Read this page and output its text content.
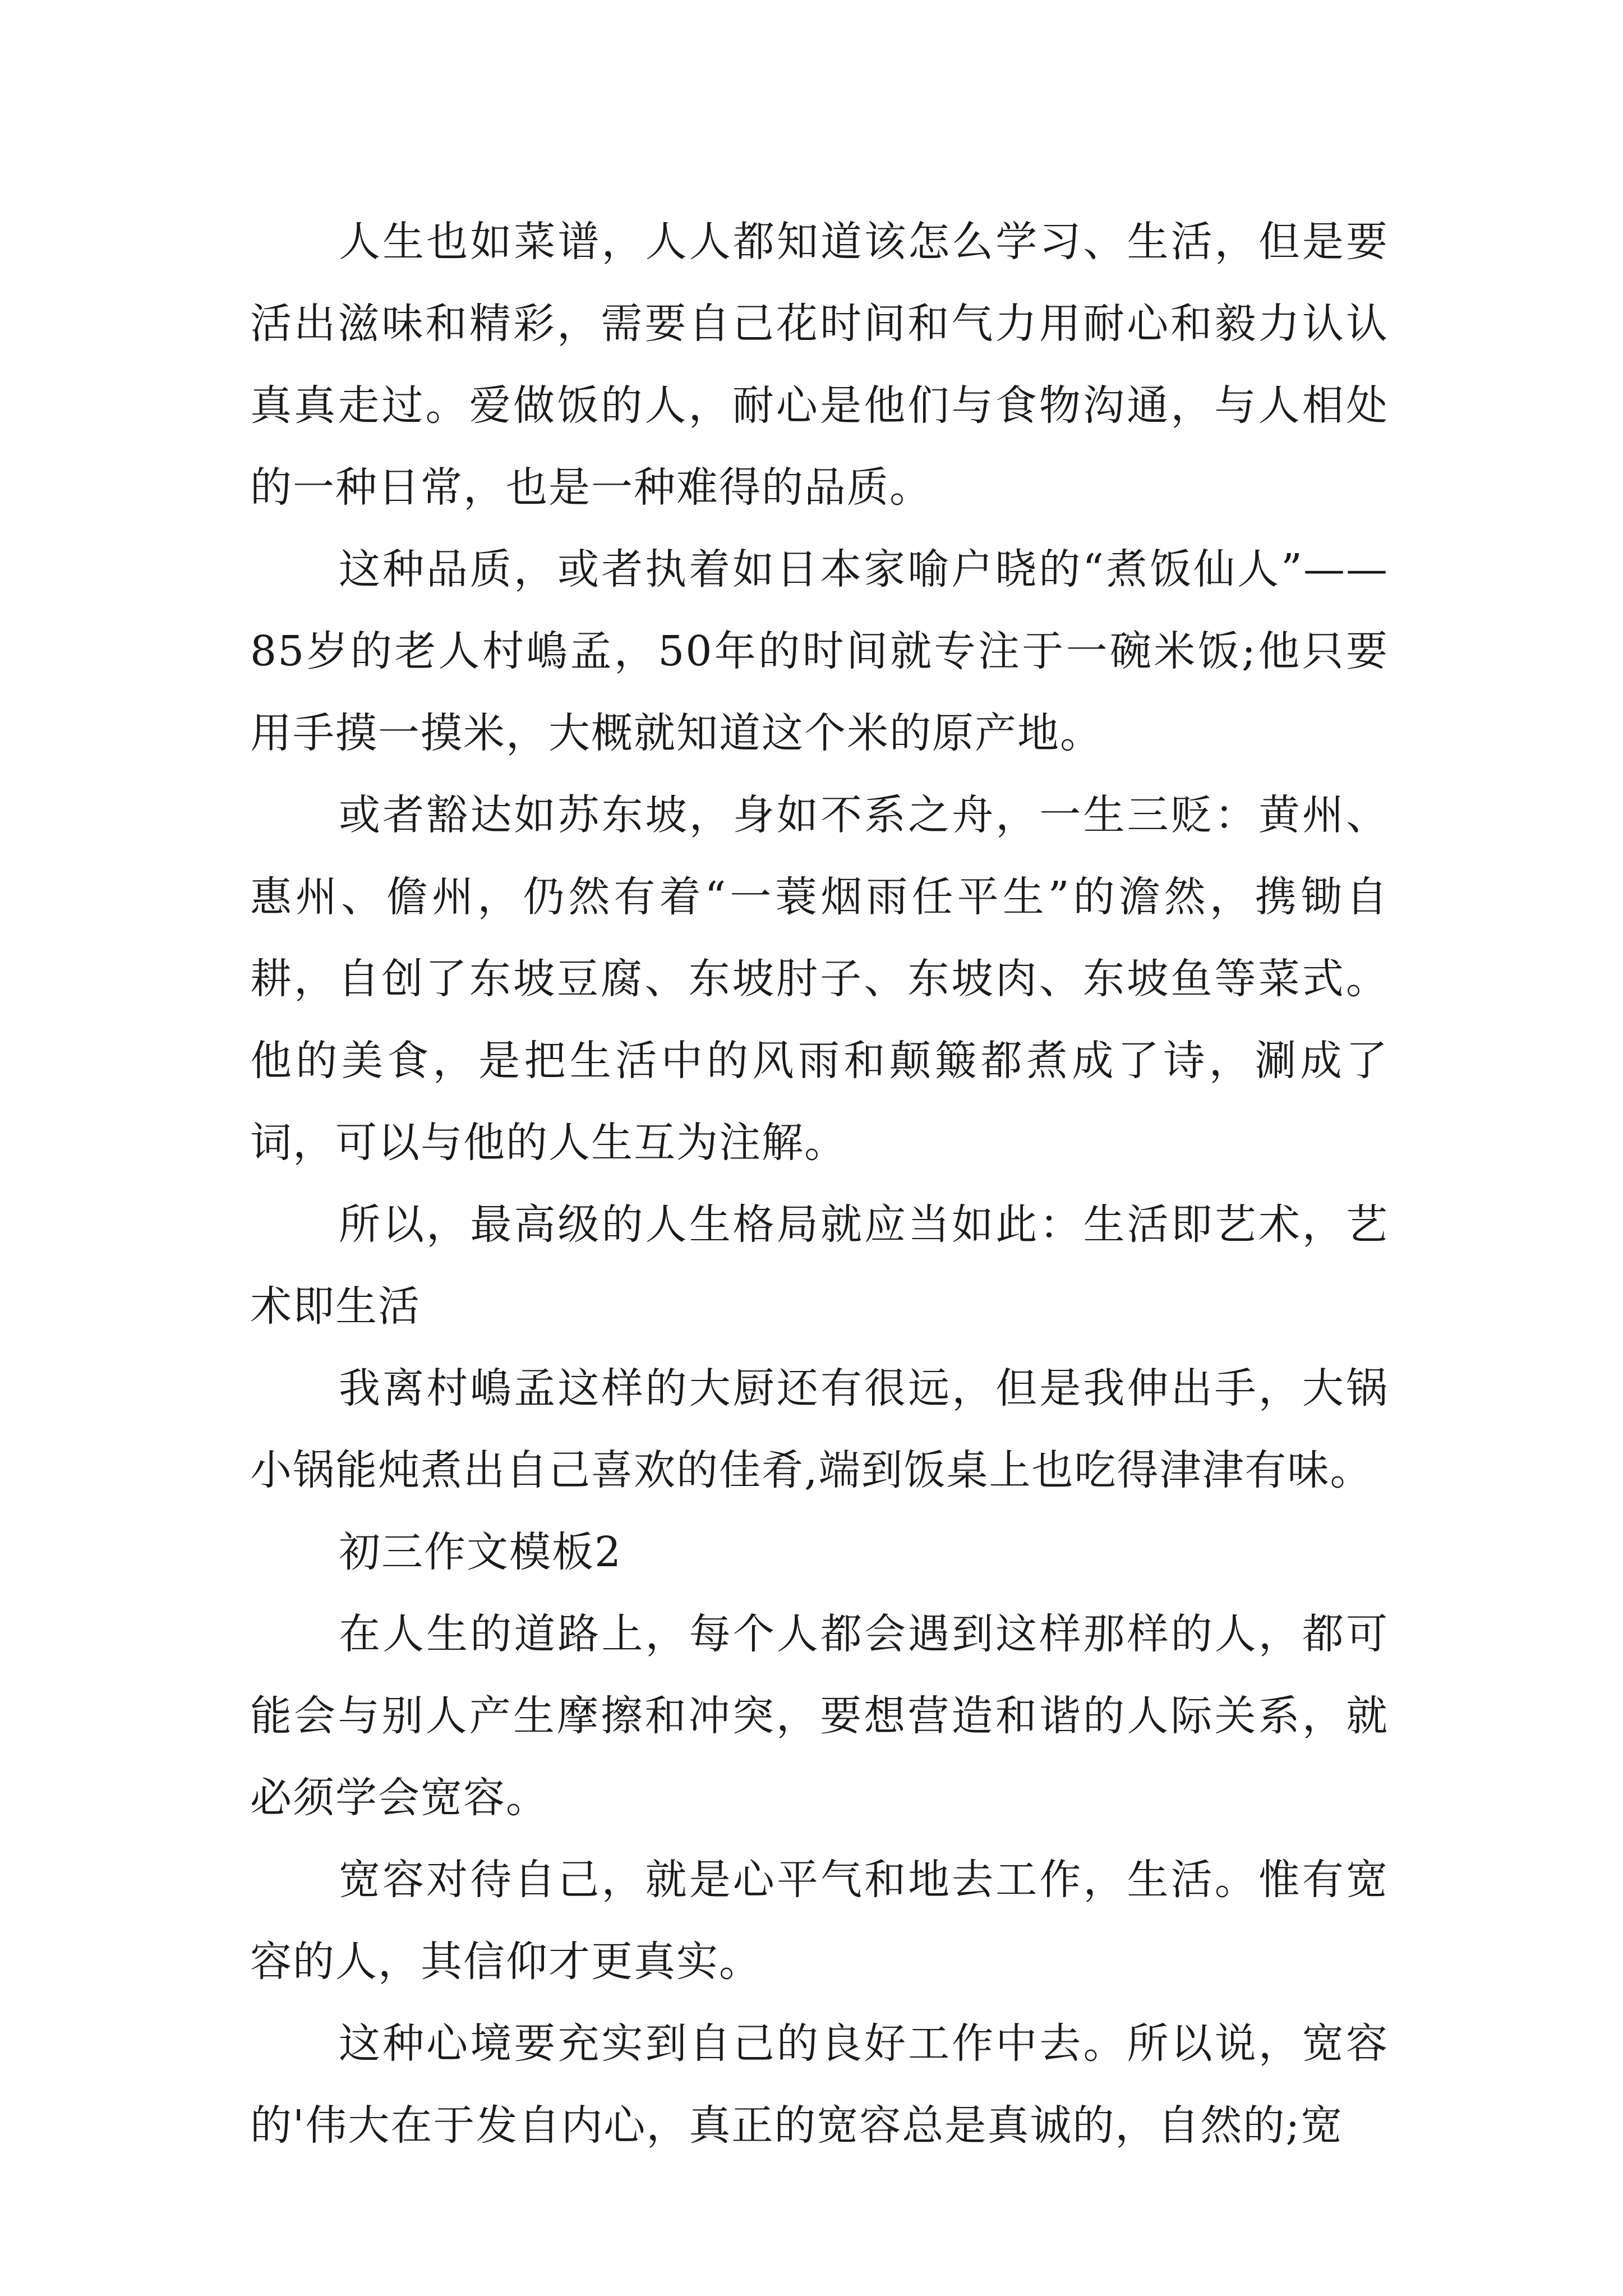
人生也如菜谱，人人都知道该怎么学习、生活，但是要活出滋味和精彩，需要自己花时间和气力用耐心和毅力认认真真走过。爱做饭的人，耐心是他们与食物沟通，与人相处的一种日常，也是一种难得的品质。

这种品质，或者执着如日本家喻户晓的“煮饭仙人”——85岁的老人村嶋孟，50年的时间就专注于一碗米饭;他只要用手摸一摸米，大概就知道这个米的原产地。

或者豁达如苏东坡，身如不系之舟，一生三贬：黄州、惠州、儋州，仍然有着“一蓑烟雨任平生”的澹然，携锄自耕，自创了东坡豆腐、东坡肘子、东坡肉、东坡鱼等菜式。他的美食，是把生活中的风雨和颠簸都煮成了诗，涮成了词，可以与他的人生互为注解。

所以，最高级的人生格局就应当如此：生活即艺术，艺术即生活

我离村嶋孟这样的大厨还有很远，但是我伸出手，大锅小锅能炖煮出自己喜欢的佳肴,端到饭桌上也吃得津津有味。

初三作文模板2

在人生的道路上，每个人都会遇到这样那样的人，都可能会与别人产生摩擦和冲突，要想营造和谐的人际关系，就必须学会宽容。

宽容对待自己，就是心平气和地去工作，生活。惟有宽容的人，其信仰才更真实。

这种心境要充实到自己的良好工作中去。所以说，宽容的'伟大在于发自内心，真正的宽容总是真诚的，自然的;宽
